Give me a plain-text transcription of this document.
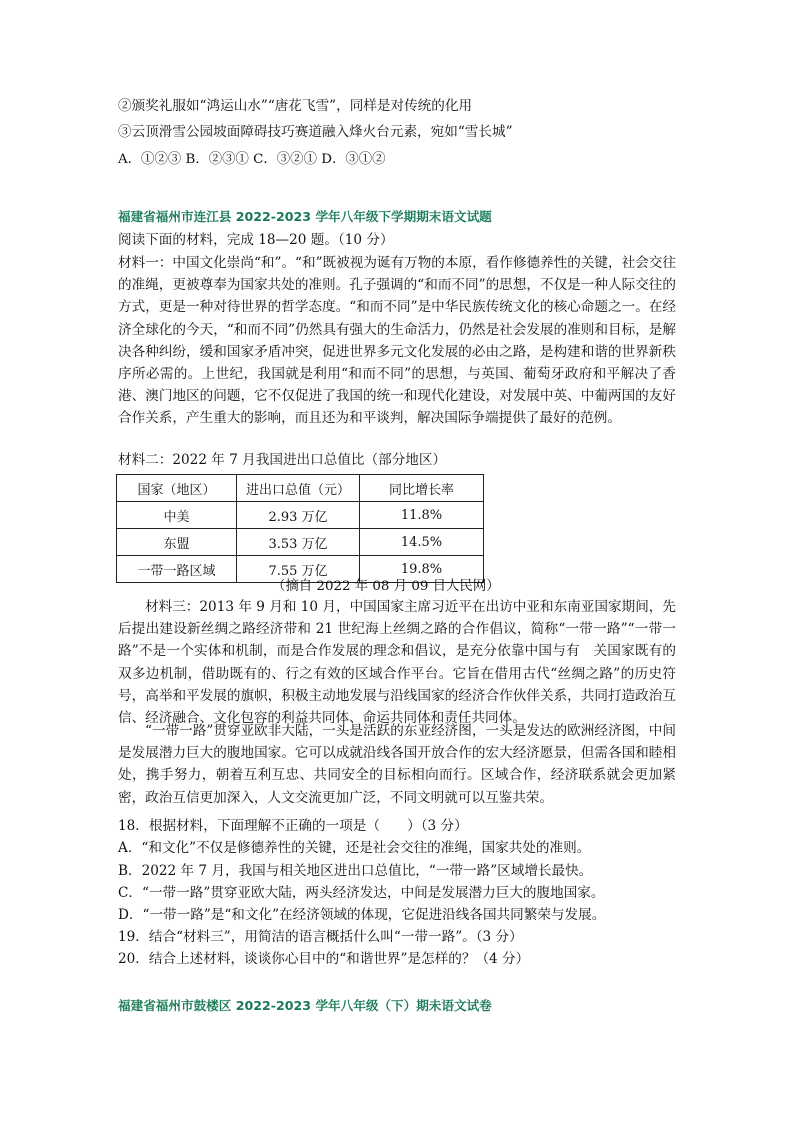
②颁奖礼服如“鸿运山水”“唐花飞雪”，同样是对传统的化用
③云顶滑雪公园坡面障碍技巧赛道融入烽火台元素，宛如“雪长城”
A．①②③ B．②③① C．③②① D．③①②
福建省福州市连江县 2022-2023 学年八年级下学期期末语文试题
阅读下面的材料，完成 18—20 题。（10 分）
材料一：中国文化崇尚“和”。“和”既被视为诞有万物的本原，看作修德养性的关键，社会交往的准绳，更被尊奉为国家共处的准则。孔子强调的“和而不同”的思想，不仅是一种人际交往的方式，更是一种对待世界的哲学态度。“和而不同”是中华民族传统文化的核心命题之一。在经济全球化的今天，“和而不同”仍然具有强大的生命活力，仍然是社会发展的准则和目标，是解决各种纠纷，缓和国家矛盾冲突，促进世界多元文化发展的必由之路，是构建和谐的世界新秩序所必需的。上世纪，我国就是利用“和而不同”的思想，与英国、葡萄牙政府和平解决了香港、澳门地区的问题，它不仅促进了我国的统一和现代化建设，对发展中英、中葡两国的友好合作关系，产生重大的影响，而且还为和平谈判，解决国际争端提供了最好的范例。
材料二：2022 年 7 月我国进出口总值比（部分地区）
国家（地区）	进出口总值（元）	同比增长率
中美	2.93 万亿	11.8%
东盟	3.53 万亿	14.5%
一带一路区域	7.55 万亿	19.8%
（摘自 2022 年 08 月 09 日人民网）
材料三：2013 年 9 月和 10 月，中国国家主席习近平在出访中亚和东南亚国家期间，先后提出建设新丝绸之路经济带和 21 世纪海上丝绸之路的合作倡议，简称“一带一路”“一带一路”不是一个实体和机制，而是合作发展的理念和倡议，是充分依靠中国与有　关国家既有的双多边机制，借助既有的、行之有效的区域合作平台。它旨在借用古代“丝绸之路”的历史符号，高举和平发展的旗帜，积极主动地发展与沿线国家的经济合作伙伴关系，共同打造政治互信、经济融合、文化包容的利益共同体、命运共同体和责任共同体。
“一带一路”贯穿亚欧非大陆，一头是活跃的东亚经济图，一头是发达的欧洲经济图，中间是发展潜力巨大的腹地国家。它可以成就沿线各国开放合作的宏大经济愿景，但需各国和睦相处，携手努力，朝着互利互忠、共同安全的目标相向而行。区域合作，经济联系就会更加紧密，政治互信更加深入，人文交流更加广泛，不同文明就可以互鉴共荣。
18．根据材料，下面理解不正确的一项是（　　）（3 分）
A．“和文化”不仅是修德养性的关键，还是社会交往的准绳，国家共处的准则。
B．2022 年 7 月，我国与相关地区进出口总值比，“一带一路”区域增长最快。
C．“一带一路”贯穿亚欧大陆，两头经济发达，中间是发展潜力巨大的腹地国家。
D．“一带一路”是“和文化”在经济领域的体现，它促进沿线各国共同繁荣与发展。
19．结合“材料三”，用简洁的语言概括什么叫“一带一路”。（3 分）
20．结合上述材料，谈谈你心目中的“和谐世界”是怎样的？（4 分）
福建省福州市鼓楼区 2022-2023 学年八年级（下）期未语文试卷
